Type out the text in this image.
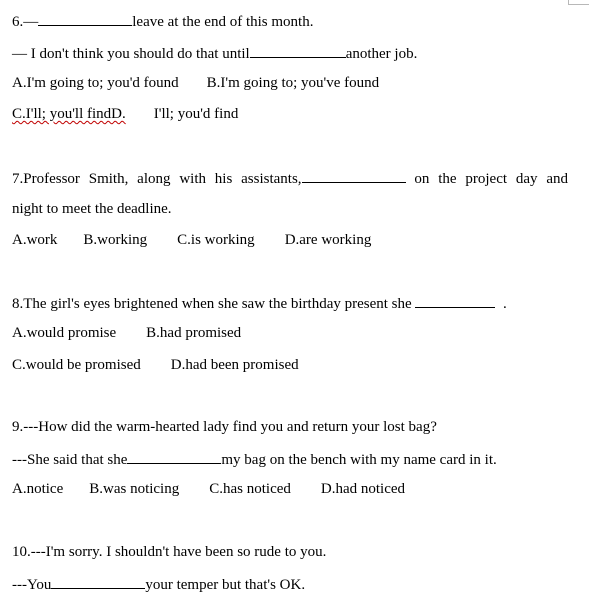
6.—	leave at the end of this month.
— I don't think you should do that until	another job.
A.I'm going to; you'd found B.I'm going to; you've found
C.I'll; you'll findD. I'll; you'd find
7.Professor Smith, along with his assistants,	on the project day and
night to meet the deadline.
A.work B.working C.is working D.are working
8.The girl's eyes brightened when she saw the birthday present she	.
A.would promise B.had promised
C.would be promised D.had been promised
9.---How did the warm-hearted lady find you and return your lost bag?
---She said that she	my bag on the bench with my name card in it.
A.notice B.was noticing C.has noticed D.had noticed
10.---I'm sorry. I shouldn't have been so rude to you.
---You	your temper but that's OK.
